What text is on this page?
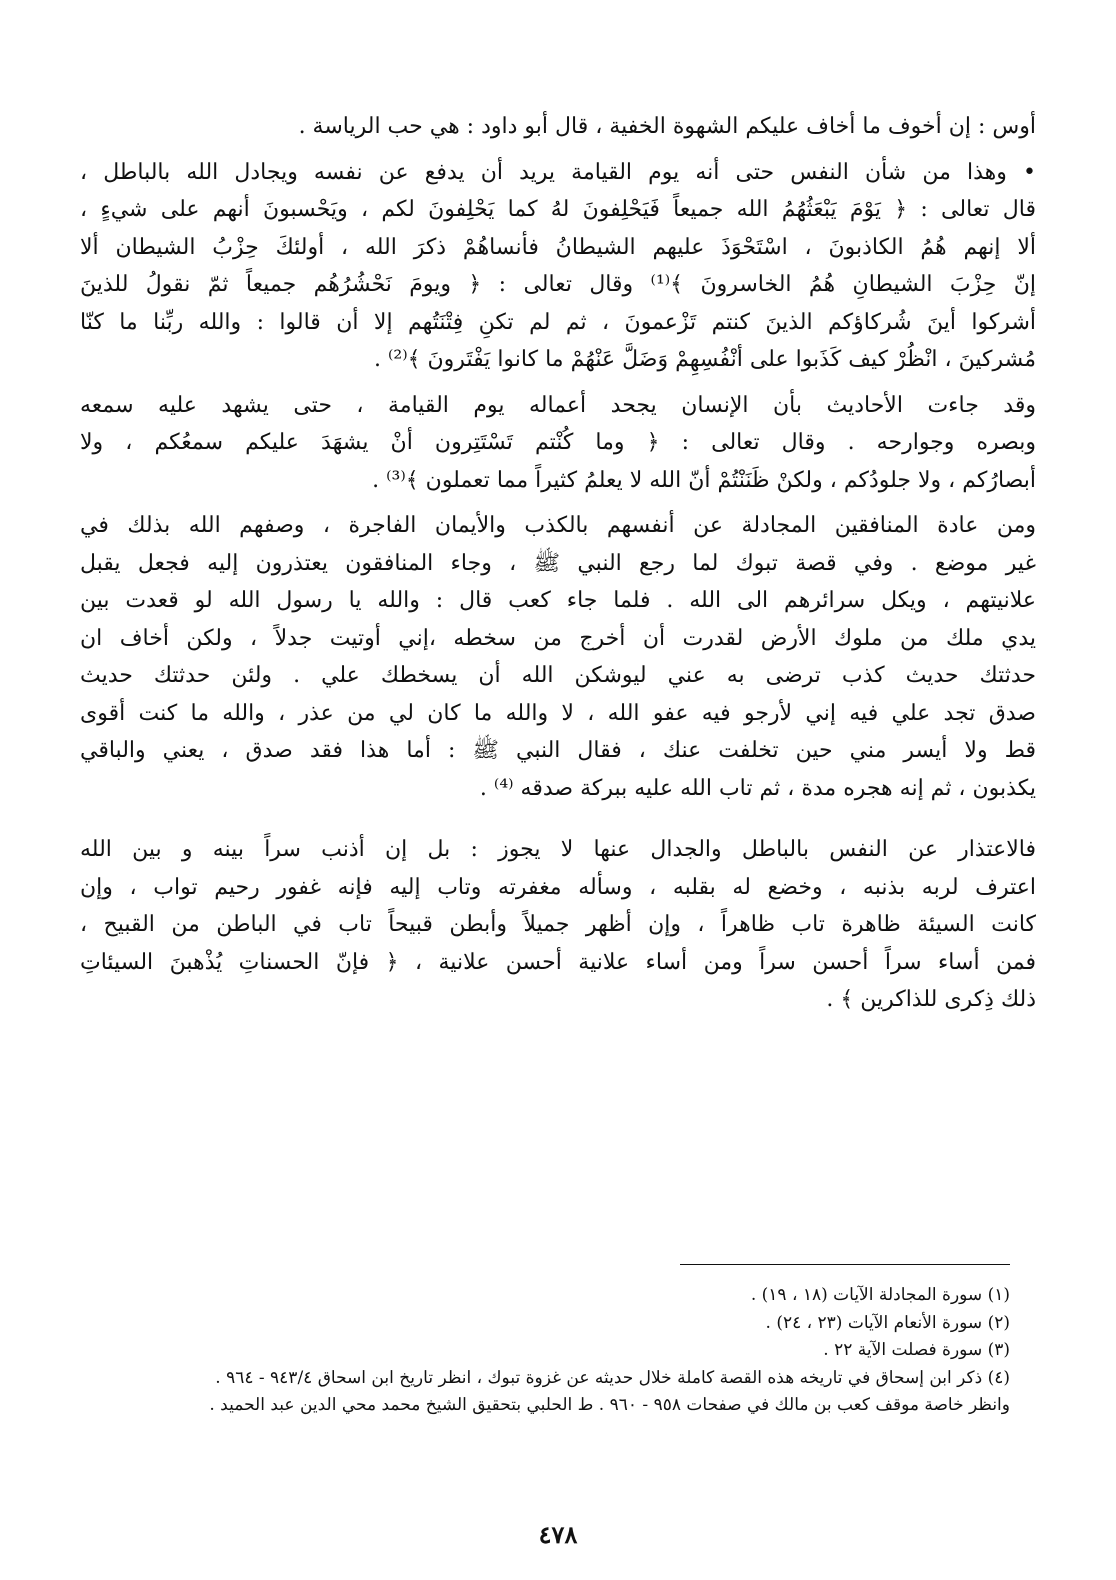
أوس : إن أخوف ما أخاف عليكم الشهوة الخفية ، قال أبو داود : هي حب الرياسة .
• وهذا من شأن النفس حتى أنه يوم القيامة يريد أن يدفع عن نفسه ويجادل الله بالباطل ،
قال تعالى : ﴿ يَوْمَ يَبْعَثُهُمُ الله جميعاً فَيَحْلِفونَ لهُ كما يَحْلِفونَ لكم ، ويَحْسبونَ أنهم على شيءٍ ،
ألا إنهم هُمُ الكاذبونَ ، اسْتَحْوَذَ عليهم الشيطانُ فأنساهُمْ ذكرَ الله ، أولئكَ حِزْبُ الشيطان ألا
إنّ حِزْبَ الشيطانِ هُمُ الخاسرونَ ﴾⁽¹⁾ وقال تعالى : ﴿ ويومَ نَحْشُرُهُم جميعاً ثمّ نقولُ للذينَ
أشركوا أينَ شُركاؤكم الذينَ كنتم تَزْعمونَ ، ثم لم تكنِ فِتْنَتُهم إلا أن قالوا : والله ربِّنا ما كنّا
مُشركينَ ، انْظُرْ كيف كَذَبوا على أنْفُسِهِمْ وَضَلَّ عَنْهُمْ ما كانوا يَفْتَرونَ ﴾⁽²⁾ .
وقد جاءت الأحاديث بأن الإنسان يجحد أعماله يوم القيامة ، حتى يشهد عليه سمعه
وبصره وجوارحه . وقال تعالى : ﴿ وما كُنْتم تَسْتَتِرون أنْ يشهَدَ عليكم سمعُكم ، ولا
أبصارُكم ، ولا جلودُكم ، ولكنْ ظَنَنْتُمْ أنّ الله لا يعلمُ كثيراً مما تعملون ﴾⁽³⁾ .
ومن عادة المنافقين المجادلة عن أنفسهم بالكذب والأيمان الفاجرة ، وصفهم الله بذلك في
غير موضع . وفي قصة تبوك لما رجع النبي ﷺ ، وجاء المنافقون يعتذرون إليه فجعل يقبل
علانيتهم ، ويكل سرائرهم الى الله . فلما جاء كعب قال : والله يا رسول الله لو قعدت بين
يدي ملك من ملوك الأرض لقدرت أن أخرج من سخطه ،إني أوتيت جدلاً ، ولكن أخاف ان
حدثتك حديث كذب ترضى به عني ليوشكن الله أن يسخطك علي . ولئن حدثتك حديث
صدق تجد علي فيه إني لأرجو فيه عفو الله ، لا والله ما كان لي من عذر ، والله ما كنت أقوى
قط ولا أيسر مني حين تخلفت عنك ، فقال النبي ﷺ : أما هذا فقد صدق ، يعني والباقي
يكذبون ، ثم إنه هجره مدة ، ثم تاب الله عليه ببركة صدقه ⁽⁴⁾ .
فالاعتذار عن النفس بالباطل والجدال عنها لا يجوز : بل إن أذنب سراً بينه و بين الله
اعترف لربه بذنبه ، وخضع له بقلبه ، وسأله مغفرته وتاب إليه فإنه غفور رحيم تواب ، وإن
كانت السيئة ظاهرة تاب ظاهراً ، وإن أظهر جميلاً وأبطن قبيحاً تاب في الباطن من القبيح ،
فمن أساء سراً أحسن سراً ومن أساء علانية أحسن علانية ، ﴿ فإنّ الحسناتِ يُذْهبنَ السيئاتِ
ذلك ذِكرى للذاكرين ﴾ .
(١) سورة المجادلة الآيات (١٨ ، ١٩) .
(٢) سورة الأنعام الآيات (٢٣ ، ٢٤) .
(٣) سورة فصلت الآية ٢٢ .
(٤) ذكر ابن إسحاق في تاريخه هذه القصة كاملة خلال حديثه عن غزوة تبوك ، انظر تاريخ ابن اسحاق ٩٤٣/٤ - ٩٦٤ .
وانظر خاصة موقف كعب بن مالك في صفحات ٩٥٨ - ٩٦٠ . ط الحلبي بتحقيق الشيخ محمد محي الدين عبد الحميد .
٤٧٨
